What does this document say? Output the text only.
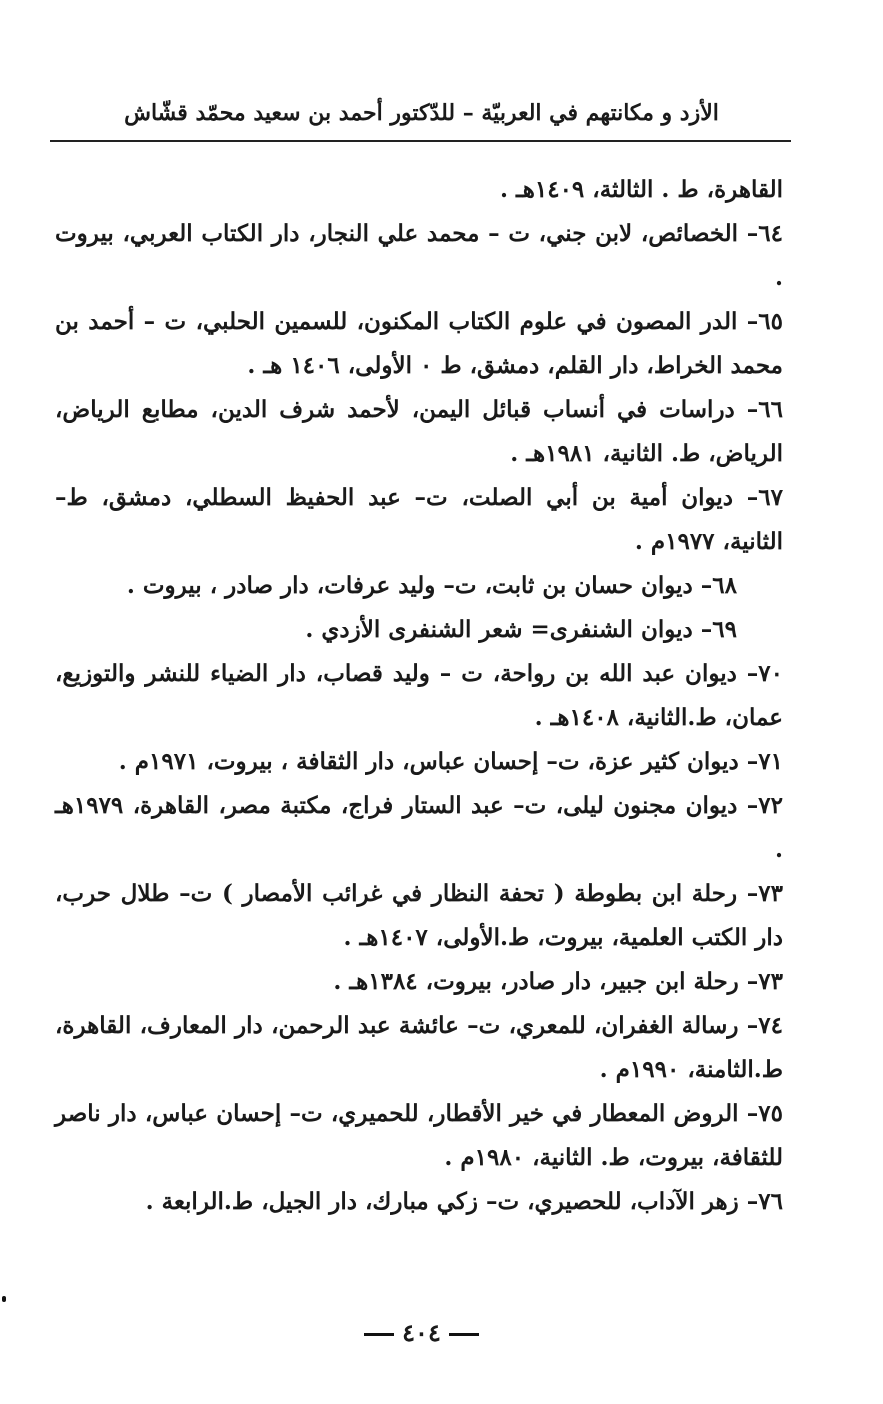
الأزد و مكانتهم في العربيّة – للدّكتور أحمد بن سعيد محمّد قشّاش

القاهرة، ط . الثالثة، ١٤٠٩هـ .

٦٤– الخصائص، لابن جني، ت – محمد علي النجار، دار الكتاب العربي، بيروت .

٦٥– الدر المصون في علوم الكتاب المكنون، للسمين الحلبي، ت – أحمد بن محمد الخراط، دار القلم، دمشق، ط ٠ الأولى، ١٤٠٦ هـ .

٦٦– دراسات في أنساب قبائل اليمن، لأحمد شرف الدين، مطابع الرياض، الرياض، ط. الثانية، ١٩٨١هـ .

٦٧– ديوان أمية بن أبي الصلت، ت– عبد الحفيظ السطلي، دمشق، ط– الثانية، ١٩٧٧م .

٦٨– ديوان حسان بن ثابت، ت– وليد عرفات، دار صادر ، بيروت .

٦٩– ديوان الشنفرى= شعر الشنفرى الأزدي .

٧٠– ديوان عبد الله بن رواحة، ت – وليد قصاب، دار الضياء للنشر والتوزيع، عمان، ط.الثانية، ١٤٠٨هـ .

٧١– ديوان كثير عزة، ت– إحسان عباس، دار الثقافة ، بيروت، ١٩٧١م .

٧٢– ديوان مجنون ليلى، ت– عبد الستار فراج، مكتبة مصر، القاهرة، ١٩٧٩هـ .

٧٣– رحلة ابن بطوطة ( تحفة النظار في غرائب الأمصار ) ت– طلال حرب، دار الكتب العلمية، بيروت، ط.الأولى، ١٤٠٧هـ .

٧٣– رحلة ابن جبير، دار صادر، بيروت، ١٣٨٤هـ .

٧٤– رسالة الغفران، للمعري، ت– عائشة عبد الرحمن، دار المعارف، القاهرة، ط.الثامنة، ١٩٩٠م .

٧٥– الروض المعطار في خير الأقطار، للحميري، ت– إحسان عباس، دار ناصر للثقافة، بيروت، ط. الثانية، ١٩٨٠م .

٧٦– زهر الآداب، للحصيري، ت– زكي مبارك، دار الجيل، ط.الرابعة .

٤٠٤
